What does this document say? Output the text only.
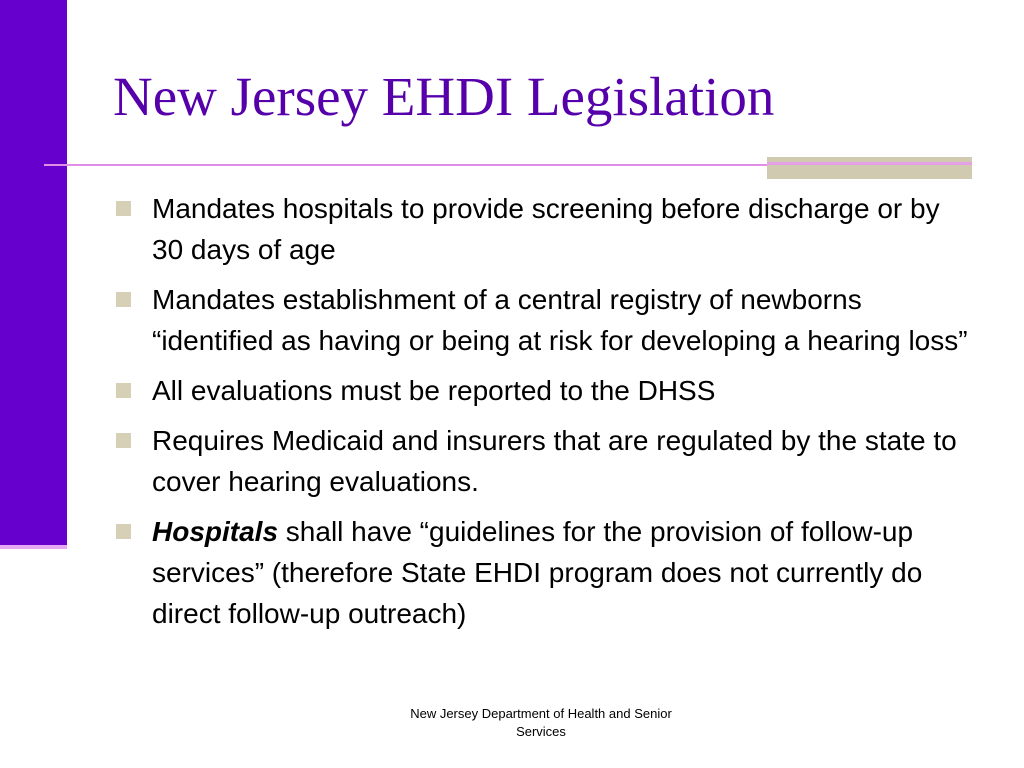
New Jersey EHDI Legislation
Mandates hospitals to provide screening before discharge or by 30 days of age
Mandates establishment of a central registry of newborns “identified as having or being at risk for developing a hearing loss”
All evaluations must be reported to the DHSS
Requires Medicaid and insurers that are regulated by the state to cover hearing evaluations.
Hospitals shall have “guidelines for the provision of follow-up services” (therefore State EHDI program does not currently do direct follow-up outreach)
New Jersey Department of Health and Senior Services
